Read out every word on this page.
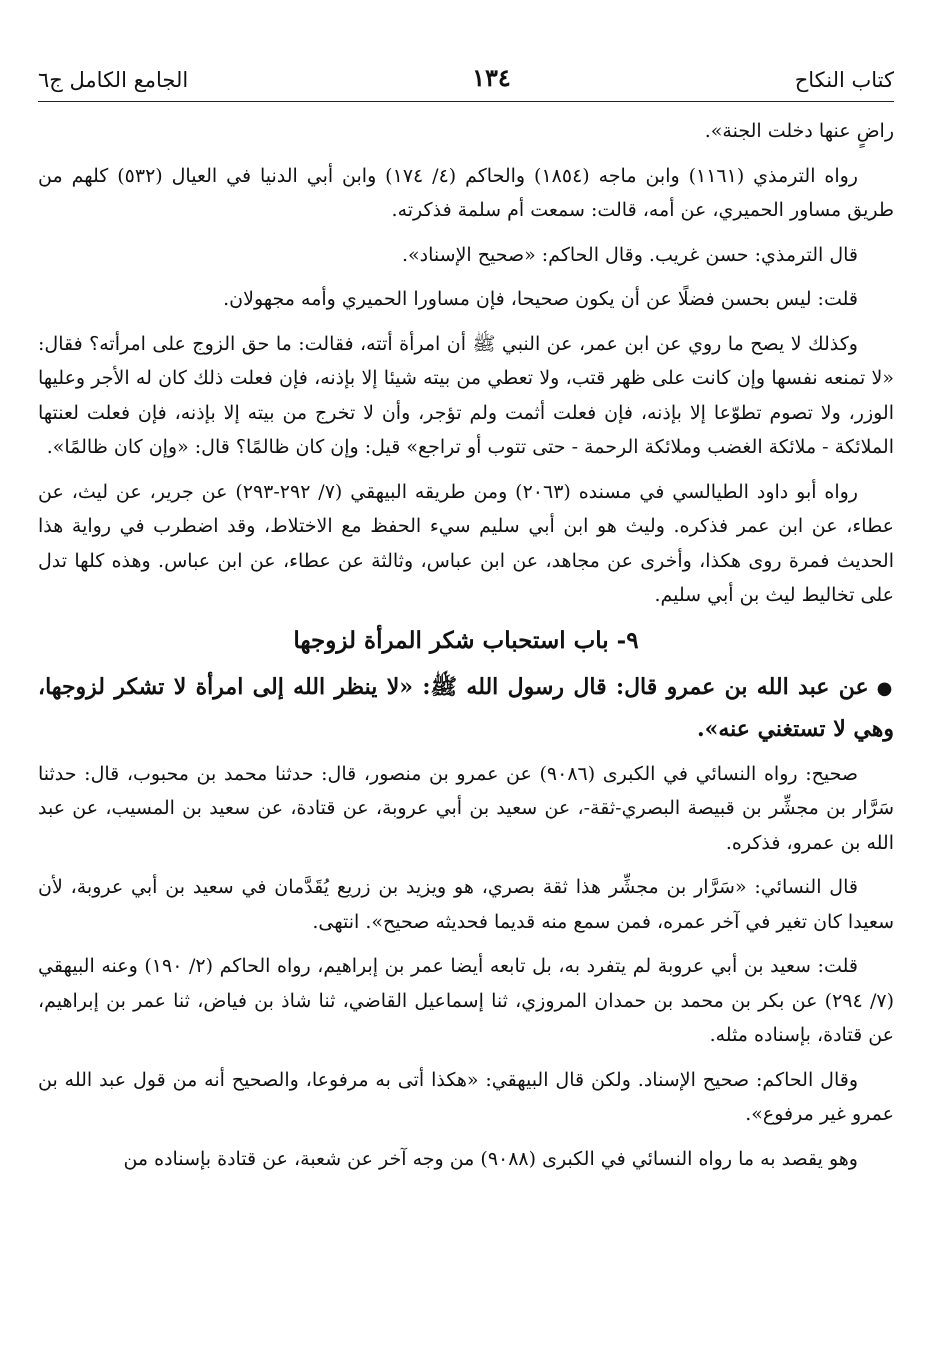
كتاب النكاح
١٣٤
الجامع الكامل ج٦

راضٍ عنها دخلت الجنة».

رواه الترمذي (١١٦١) وابن ماجه (١٨٥٤) والحاكم (٤/ ١٧٤) وابن أبي الدنيا في العيال (٥٣٢) كلهم من طريق مساور الحميري، عن أمه، قالت: سمعت أم سلمة فذكرته.

قال الترمذي: حسن غريب. وقال الحاكم: «صحيح الإسناد».

قلت: ليس بحسن فضلًا عن أن يكون صحيحا، فإن مساورا الحميري وأمه مجهولان.

وكذلك لا يصح ما روي عن ابن عمر، عن النبي ﷺ أن امرأة أتته، فقالت: ما حق الزوج على امرأته؟ فقال: «لا تمنعه نفسها وإن كانت على ظهر قتب، ولا تعطي من بيته شيئا إلا بإذنه، فإن فعلت ذلك كان له الأجر وعليها الوزر، ولا تصوم تطوّعا إلا بإذنه، فإن فعلت أثمت ولم تؤجر، وأن لا تخرج من بيته إلا بإذنه، فإن فعلت لعنتها الملائكة - ملائكة الغضب وملائكة الرحمة - حتى تتوب أو تراجع» قيل: وإن كان ظالمًا؟ قال: «وإن كان ظالمًا».

رواه أبو داود الطيالسي في مسنده (٢٠٦٣) ومن طريقه البيهقي (٧/ ٢٩٢-٢٩٣) عن جرير، عن ليث، عن عطاء، عن ابن عمر فذكره. وليث هو ابن أبي سليم سيء الحفظ مع الاختلاط، وقد اضطرب في رواية هذا الحديث فمرة روى هكذا، وأخرى عن مجاهد، عن ابن عباس، وثالثة عن عطاء، عن ابن عباس. وهذه كلها تدل على تخاليط ليث بن أبي سليم.

٩- باب استحباب شكر المرأة لزوجها

●عن عبد الله بن عمرو قال: قال رسول الله ﷺ: «لا ينظر الله إلى امرأة لا تشكر لزوجها، وهي لا تستغني عنه».

صحيح: رواه النسائي في الكبرى (٩٠٨٦) عن عمرو بن منصور، قال: حدثنا محمد بن محبوب، قال: حدثنا سَرَّار بن مجشِّر بن قبيصة البصري-ثقة-، عن سعيد بن أبي عروبة، عن قتادة، عن سعيد بن المسيب، عن عبد الله بن عمرو، فذكره.

قال النسائي: «سَرَّار بن مجشِّر هذا ثقة بصري، هو ويزيد بن زريع يُقَدَّمان في سعيد بن أبي عروبة، لأن سعيدا كان تغير في آخر عمره، فمن سمع منه قديما فحديثه صحيح». انتهى.

قلت: سعيد بن أبي عروبة لم يتفرد به، بل تابعه أيضا عمر بن إبراهيم، رواه الحاكم (٢/ ١٩٠) وعنه البيهقي (٧/ ٢٩٤) عن بكر بن محمد بن حمدان المروزي، ثنا إسماعيل القاضي، ثنا شاذ بن فياض، ثنا عمر بن إبراهيم، عن قتادة، بإسناده مثله.

وقال الحاكم: صحيح الإسناد. ولكن قال البيهقي: «هكذا أتى به مرفوعا، والصحيح أنه من قول عبد الله بن عمرو غير مرفوع».

وهو يقصد به ما رواه النسائي في الكبرى (٩٠٨٨) من وجه آخر عن شعبة، عن قتادة بإسناده من
